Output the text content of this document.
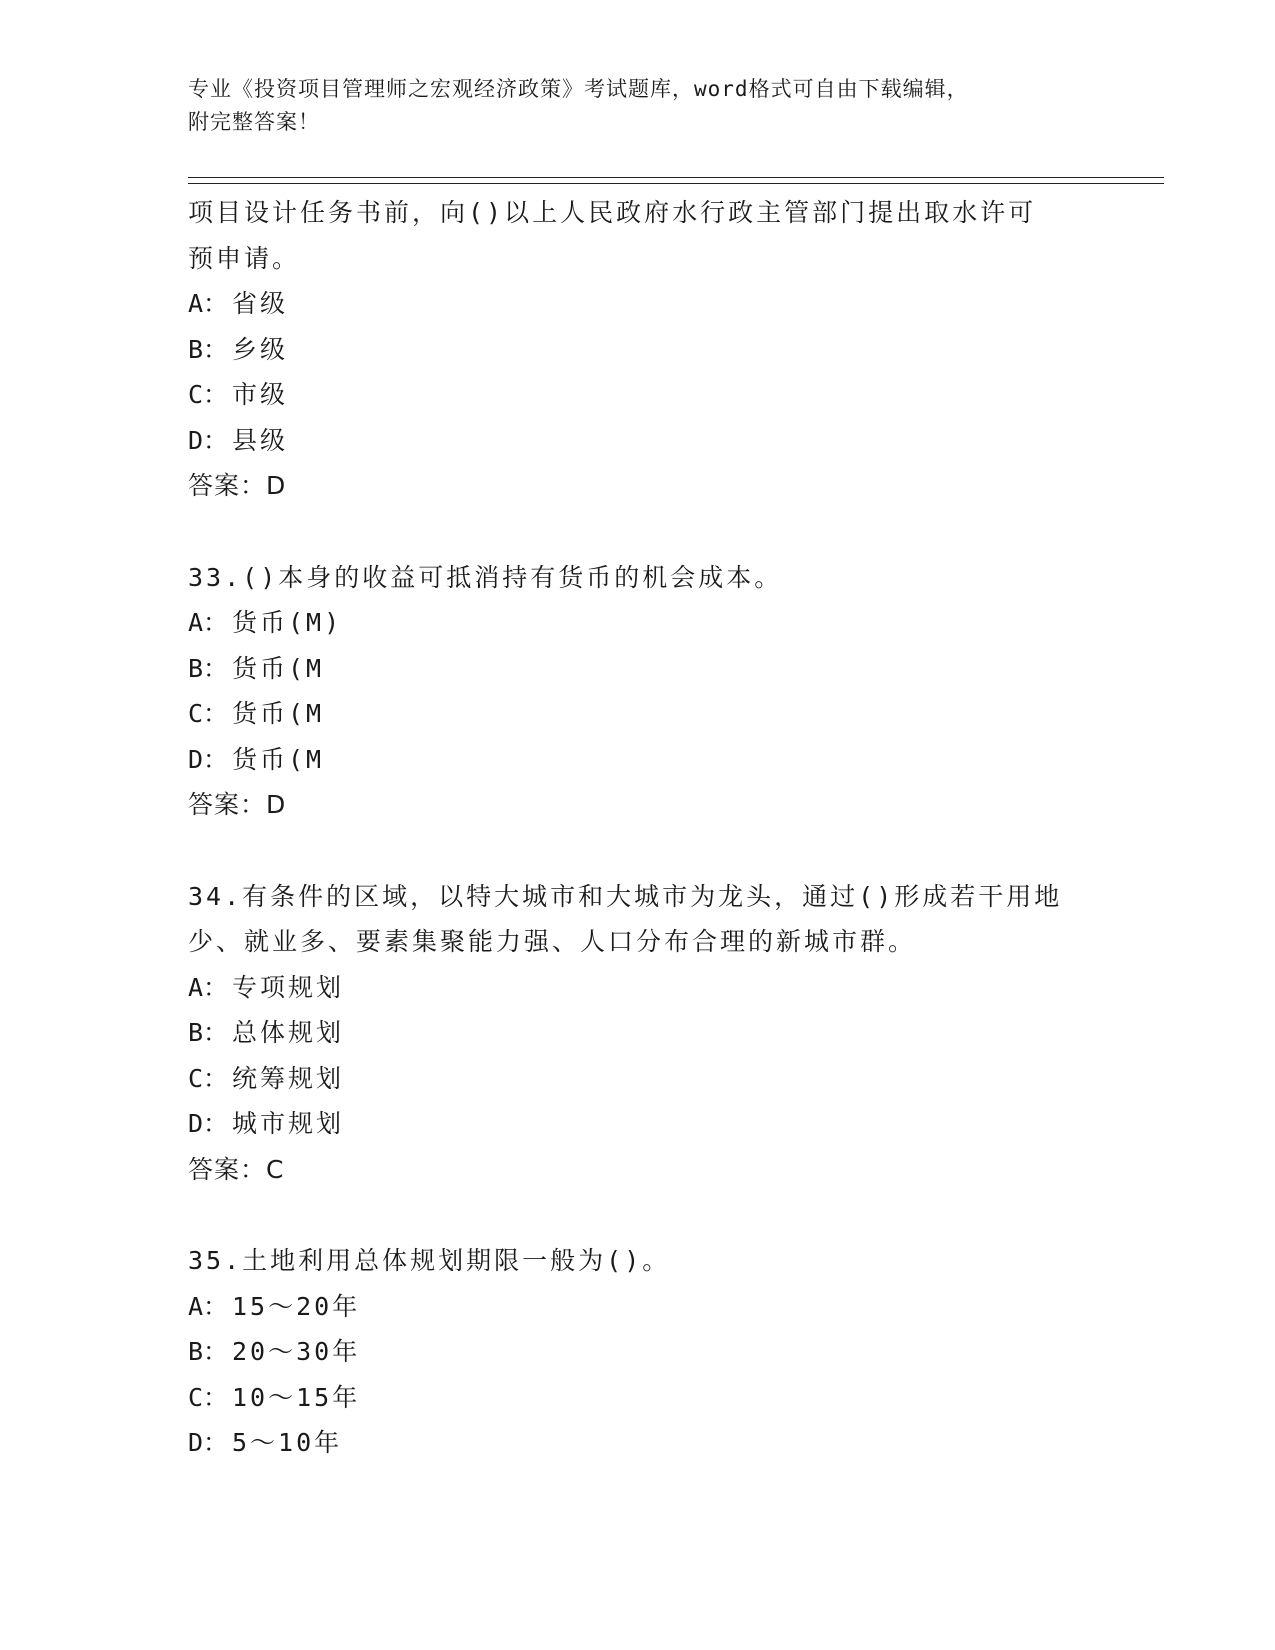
专业《投资项目管理师之宏观经济政策》考试题库，word格式可自由下载编辑，
附完整答案！
项目设计任务书前，向()以上人民政府水行政主管部门提出取水许可
预申请。
A： 省级
B： 乡级
C： 市级
D： 县级
答案：D
33.()本身的收益可抵消持有货币的机会成本。
A： 货币(M)
B： 货币(M
C： 货币(M
D： 货币(M
答案：D
34.有条件的区域，以特大城市和大城市为龙头，通过()形成若干用地
少、就业多、要素集聚能力强、人口分布合理的新城市群。
A： 专项规划
B： 总体规划
C： 统筹规划
D： 城市规划
答案：C
35.土地利用总体规划期限一般为()。
A： 15～20年
B： 20～30年
C： 10～15年
D： 5～10年
